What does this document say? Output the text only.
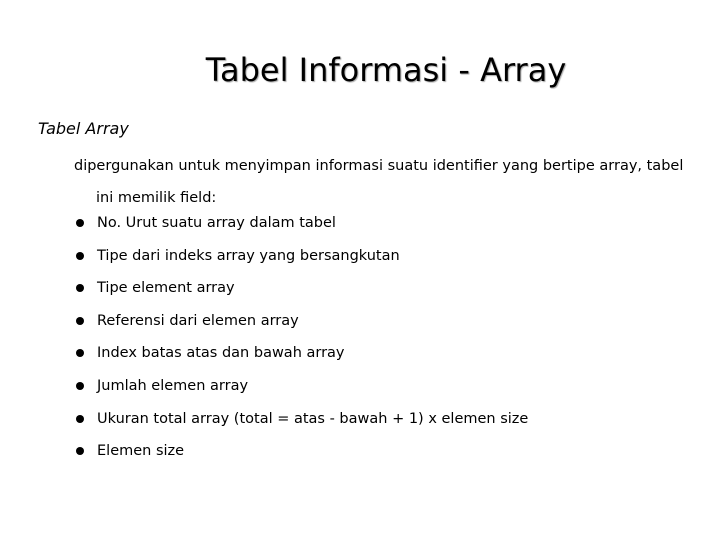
Tabel Informasi - Array
Tabel Array
dipergunakan untuk menyimpan informasi suatu identifier yang bertipe array, tabel
ini memilik field:
No. Urut suatu array dalam tabel
Tipe dari indeks array yang bersangkutan
Tipe element array
Referensi dari elemen array
Index batas atas dan bawah array
Jumlah elemen array
Ukuran total array (total = atas - bawah + 1) x elemen size
Elemen size
